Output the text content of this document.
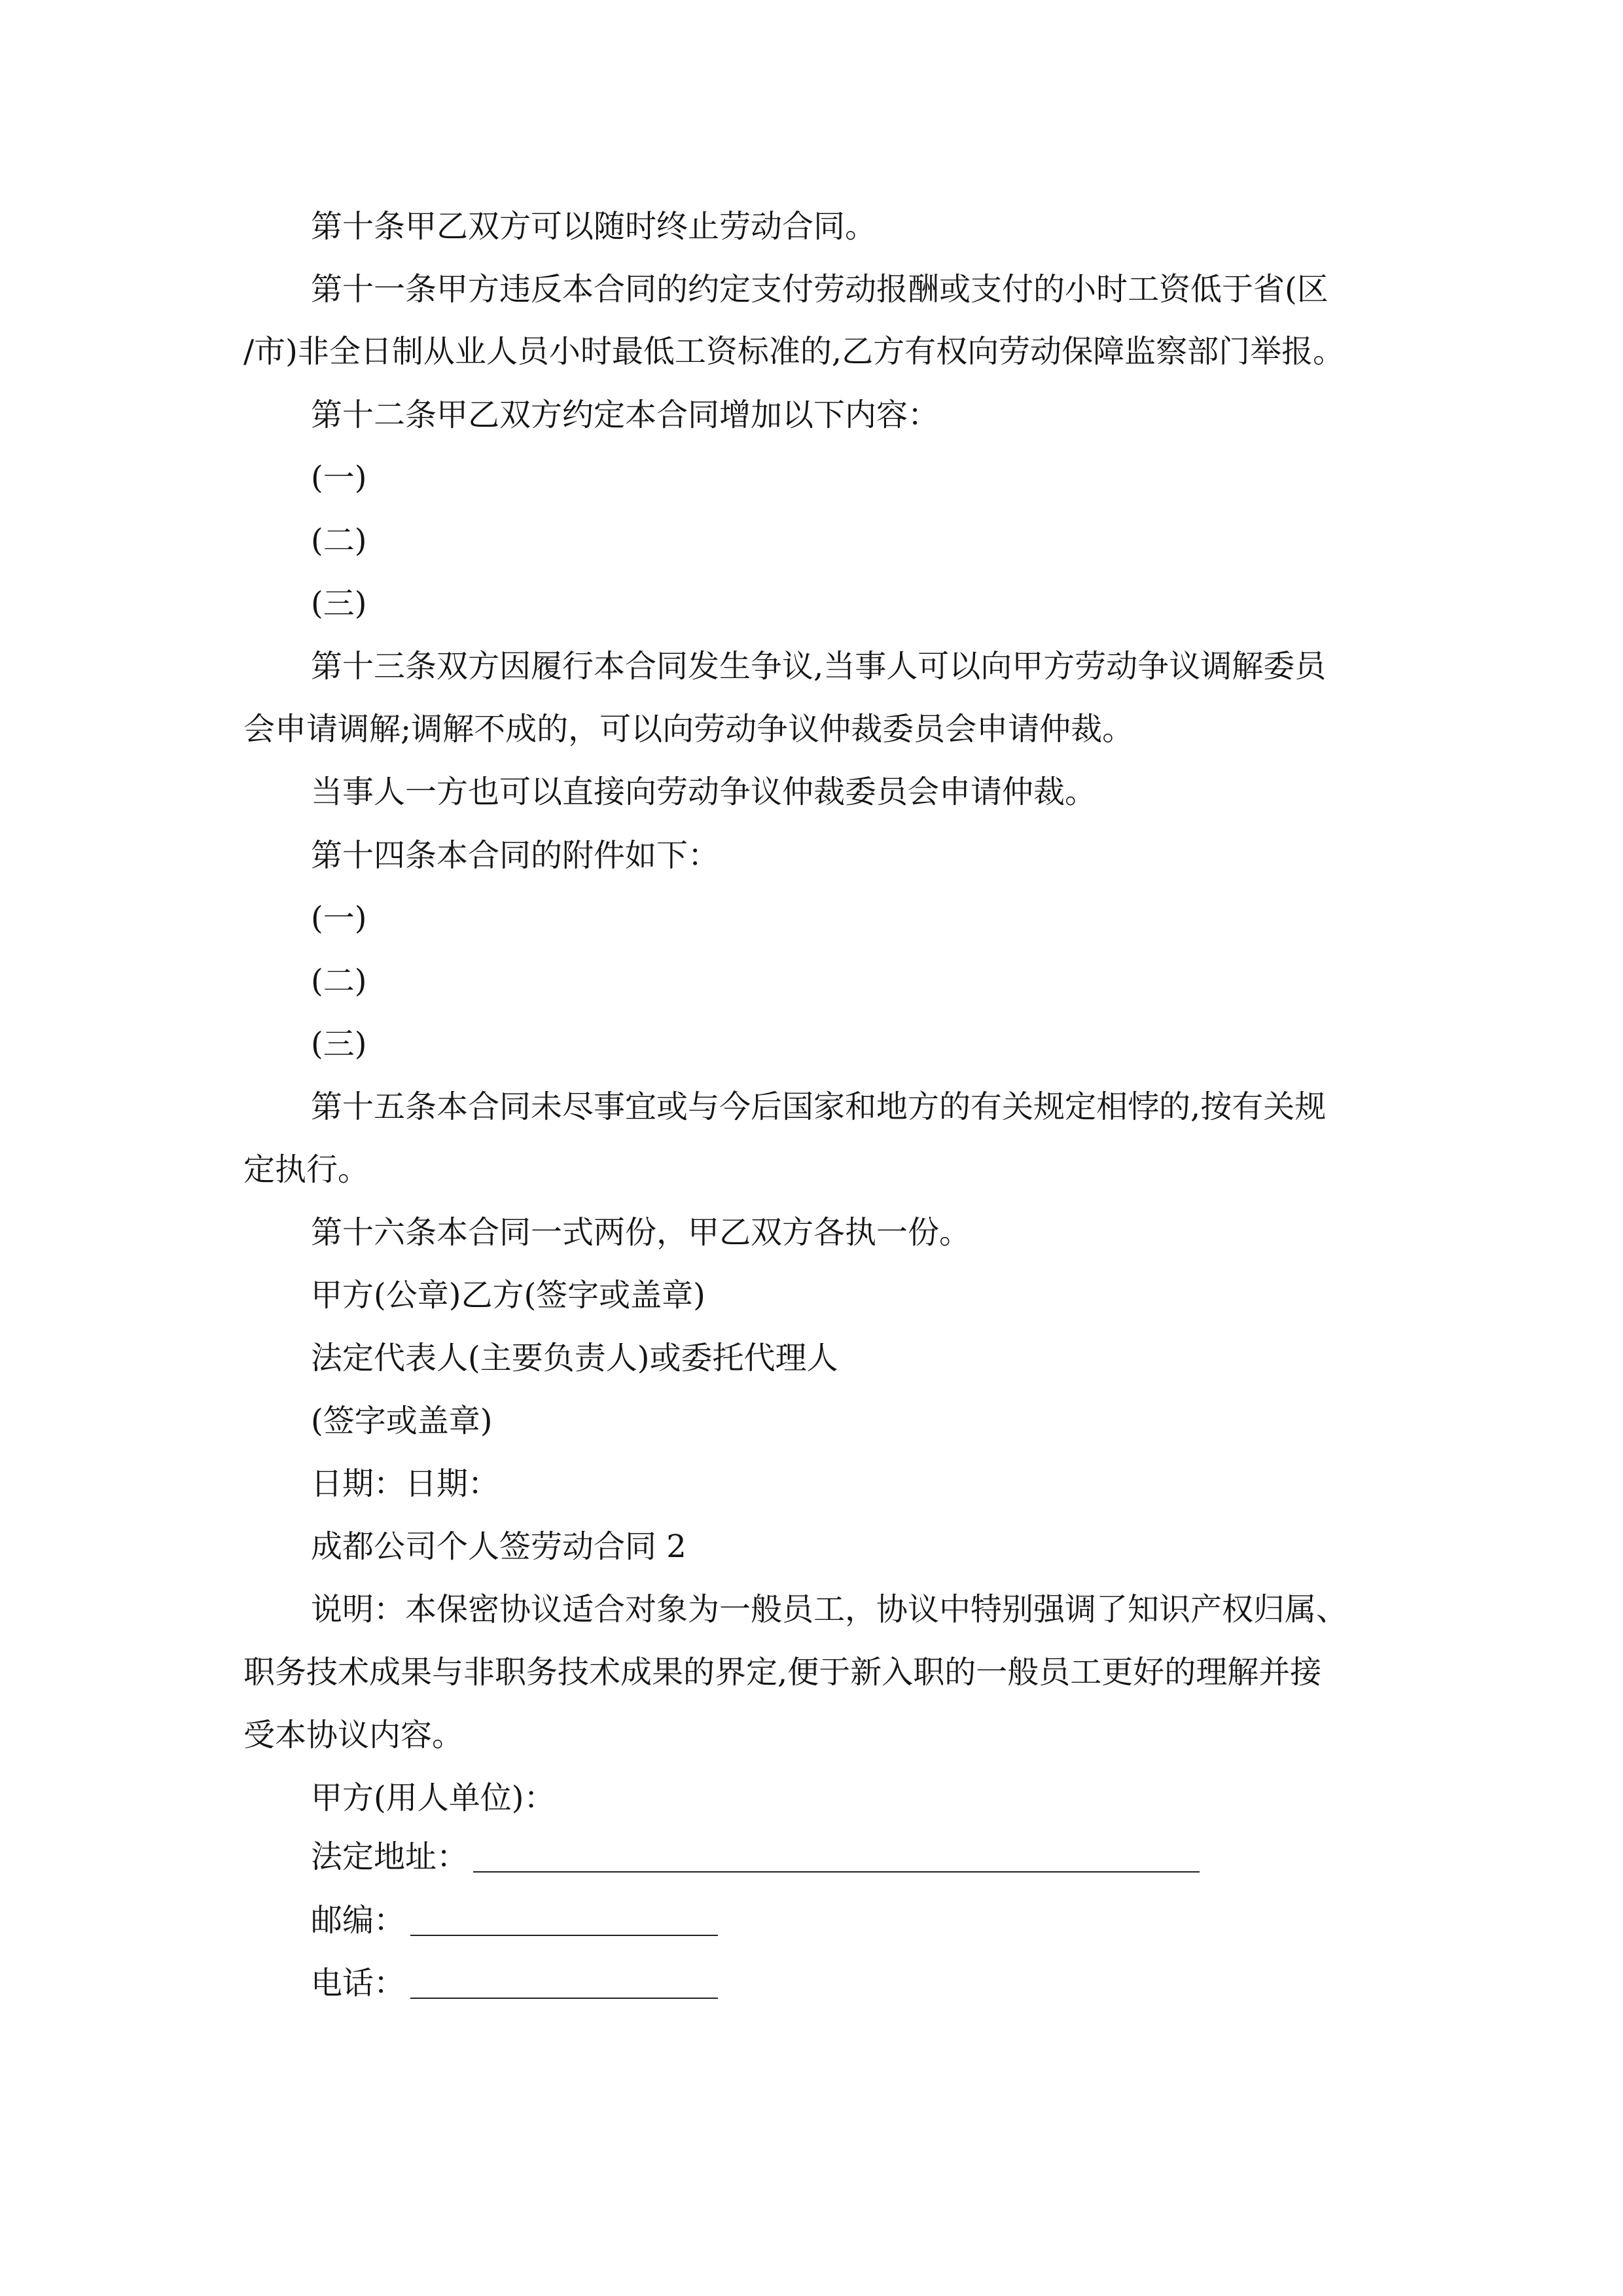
第十条甲乙双方可以随时终止劳动合同。
第十一条甲方违反本合同的约定支付劳动报酬或支付的小时工资低于省(区
/市)非全日制从业人员小时最低工资标准的,乙方有权向劳动保障监察部门举报。
第十二条甲乙双方约定本合同增加以下内容：
(一)
(二)
(三)
第十三条双方因履行本合同发生争议,当事人可以向甲方劳动争议调解委员
会申请调解;调解不成的，可以向劳动争议仲裁委员会申请仲裁。
当事人一方也可以直接向劳动争议仲裁委员会申请仲裁。
第十四条本合同的附件如下：
(一)
(二)
(三)
第十五条本合同未尽事宜或与今后国家和地方的有关规定相悖的,按有关规
定执行。
第十六条本合同一式两份，甲乙双方各执一份。
甲方(公章)乙方(签字或盖章)
法定代表人(主要负责人)或委托代理人
(签字或盖章)
日期：日期：
成都公司个人签劳动合同 2
说明：本保密协议适合对象为一般员工，协议中特别强调了知识产权归属、
职务技术成果与非职务技术成果的界定,便于新入职的一般员工更好的理解并接
受本协议内容。
甲方(用人单位)：
法定地址：
邮编：
电话：
